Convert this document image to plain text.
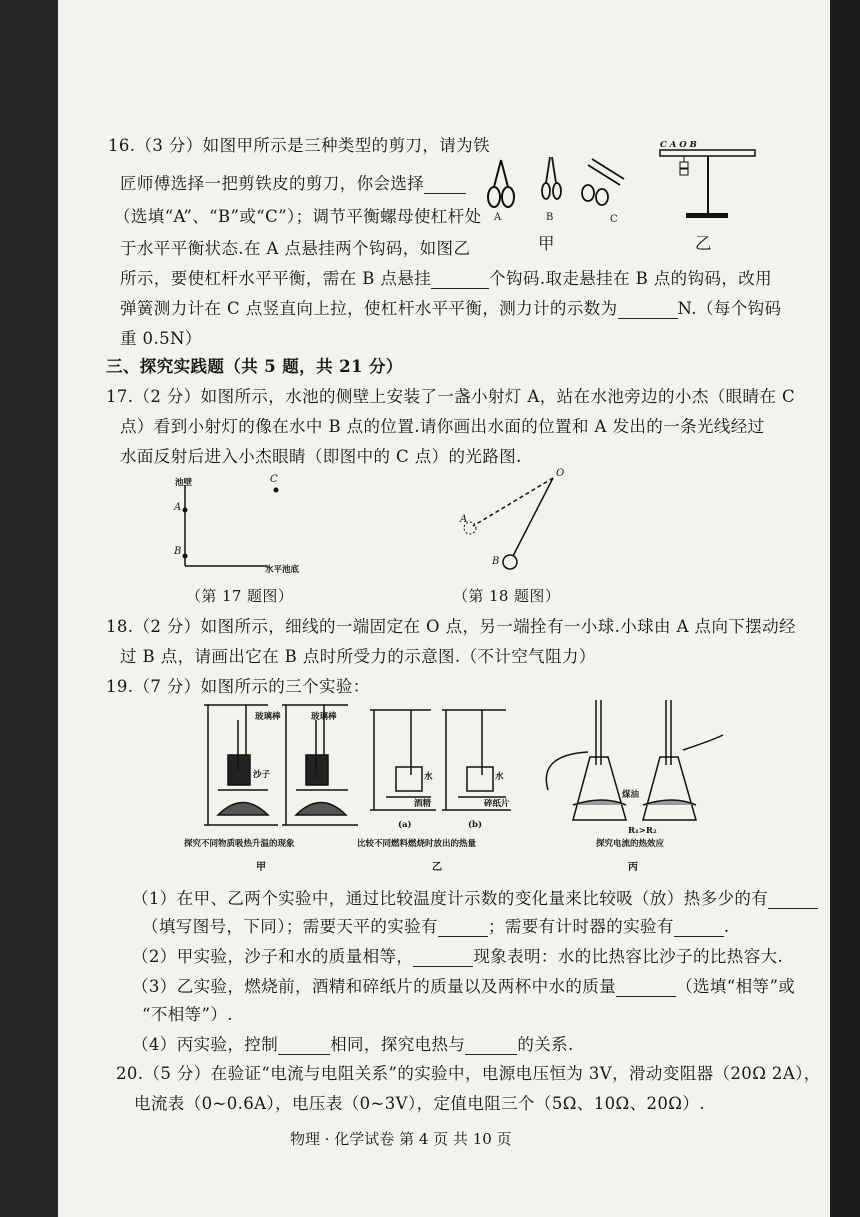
16.（3 分）如图甲所示是三种类型的剪刀，请为铁
匠师傅选择一把剪铁皮的剪刀，你会选择
（选填“A”、“B”或“C”）；调节平衡螺母使杠杆处
于水平平衡状态.在 A 点悬挂两个钩码，如图乙
所示，要使杠杆水平平衡，需在 B 点悬挂	个钩码.取走悬挂在 B 点的钩码，改用
弹簧测力计在 C 点竖直向上拉，使杠杆水平平衡，测力计的示数为	N.（每个钩码
重 0.5N）
A	B	C
甲
C A O B
乙
三、探究实践题（共 5 题，共 21 分）
17.（2 分）如图所示，水池的侧壁上安装了一盏小射灯 A，站在水池旁边的小杰（眼睛在 C
点）看到小射灯的像在水中 B 点的位置.请你画出水面的位置和 A 发出的一条光线经过
水面反射后进入小杰眼睛（即图中的 C 点）的光路图.
池壁
水平池底
A
B
C
（第 17 题图）
O
A
B
（第 18 题图）
18.（2 分）如图所示，细线的一端固定在 O 点，另一端拴有一小球.小球由 A 点向下摆动经
过 B 点，请画出它在 B 点时所受力的示意图.（不计空气阻力）
19.（7 分）如图所示的三个实验：
玻璃棒
沙子
玻璃棒
水
探究不同物质吸热升温的现象
甲
水
酒精
水
碎纸片
(a)	(b)
比较不同燃料燃烧时放出的热量
乙
煤油
R₁>R₂
探究电流的热效应
丙
（1）在甲、乙两个实验中，通过比较温度计示数的变化量来比较吸（放）热多少的有
（填写图号，下同）；需要天平的实验有	；需要有计时器的实验有	.
（2）甲实验，沙子和水的质量相等，	现象表明：水的比热容比沙子的比热容大.
（3）乙实验，燃烧前，酒精和碎纸片的质量以及两杯中水的质量	（选填“相等”或
“不相等”）.
（4）丙实验，控制	相同，探究电热与	的关系.
20.（5 分）在验证“电流与电阻关系”的实验中，电源电压恒为 3V，滑动变阻器（20Ω 2A），
电流表（0~0.6A），电压表（0~3V），定值电阻三个（5Ω、10Ω、20Ω）.
物理 · 化学试卷 第 4 页 共 10 页
